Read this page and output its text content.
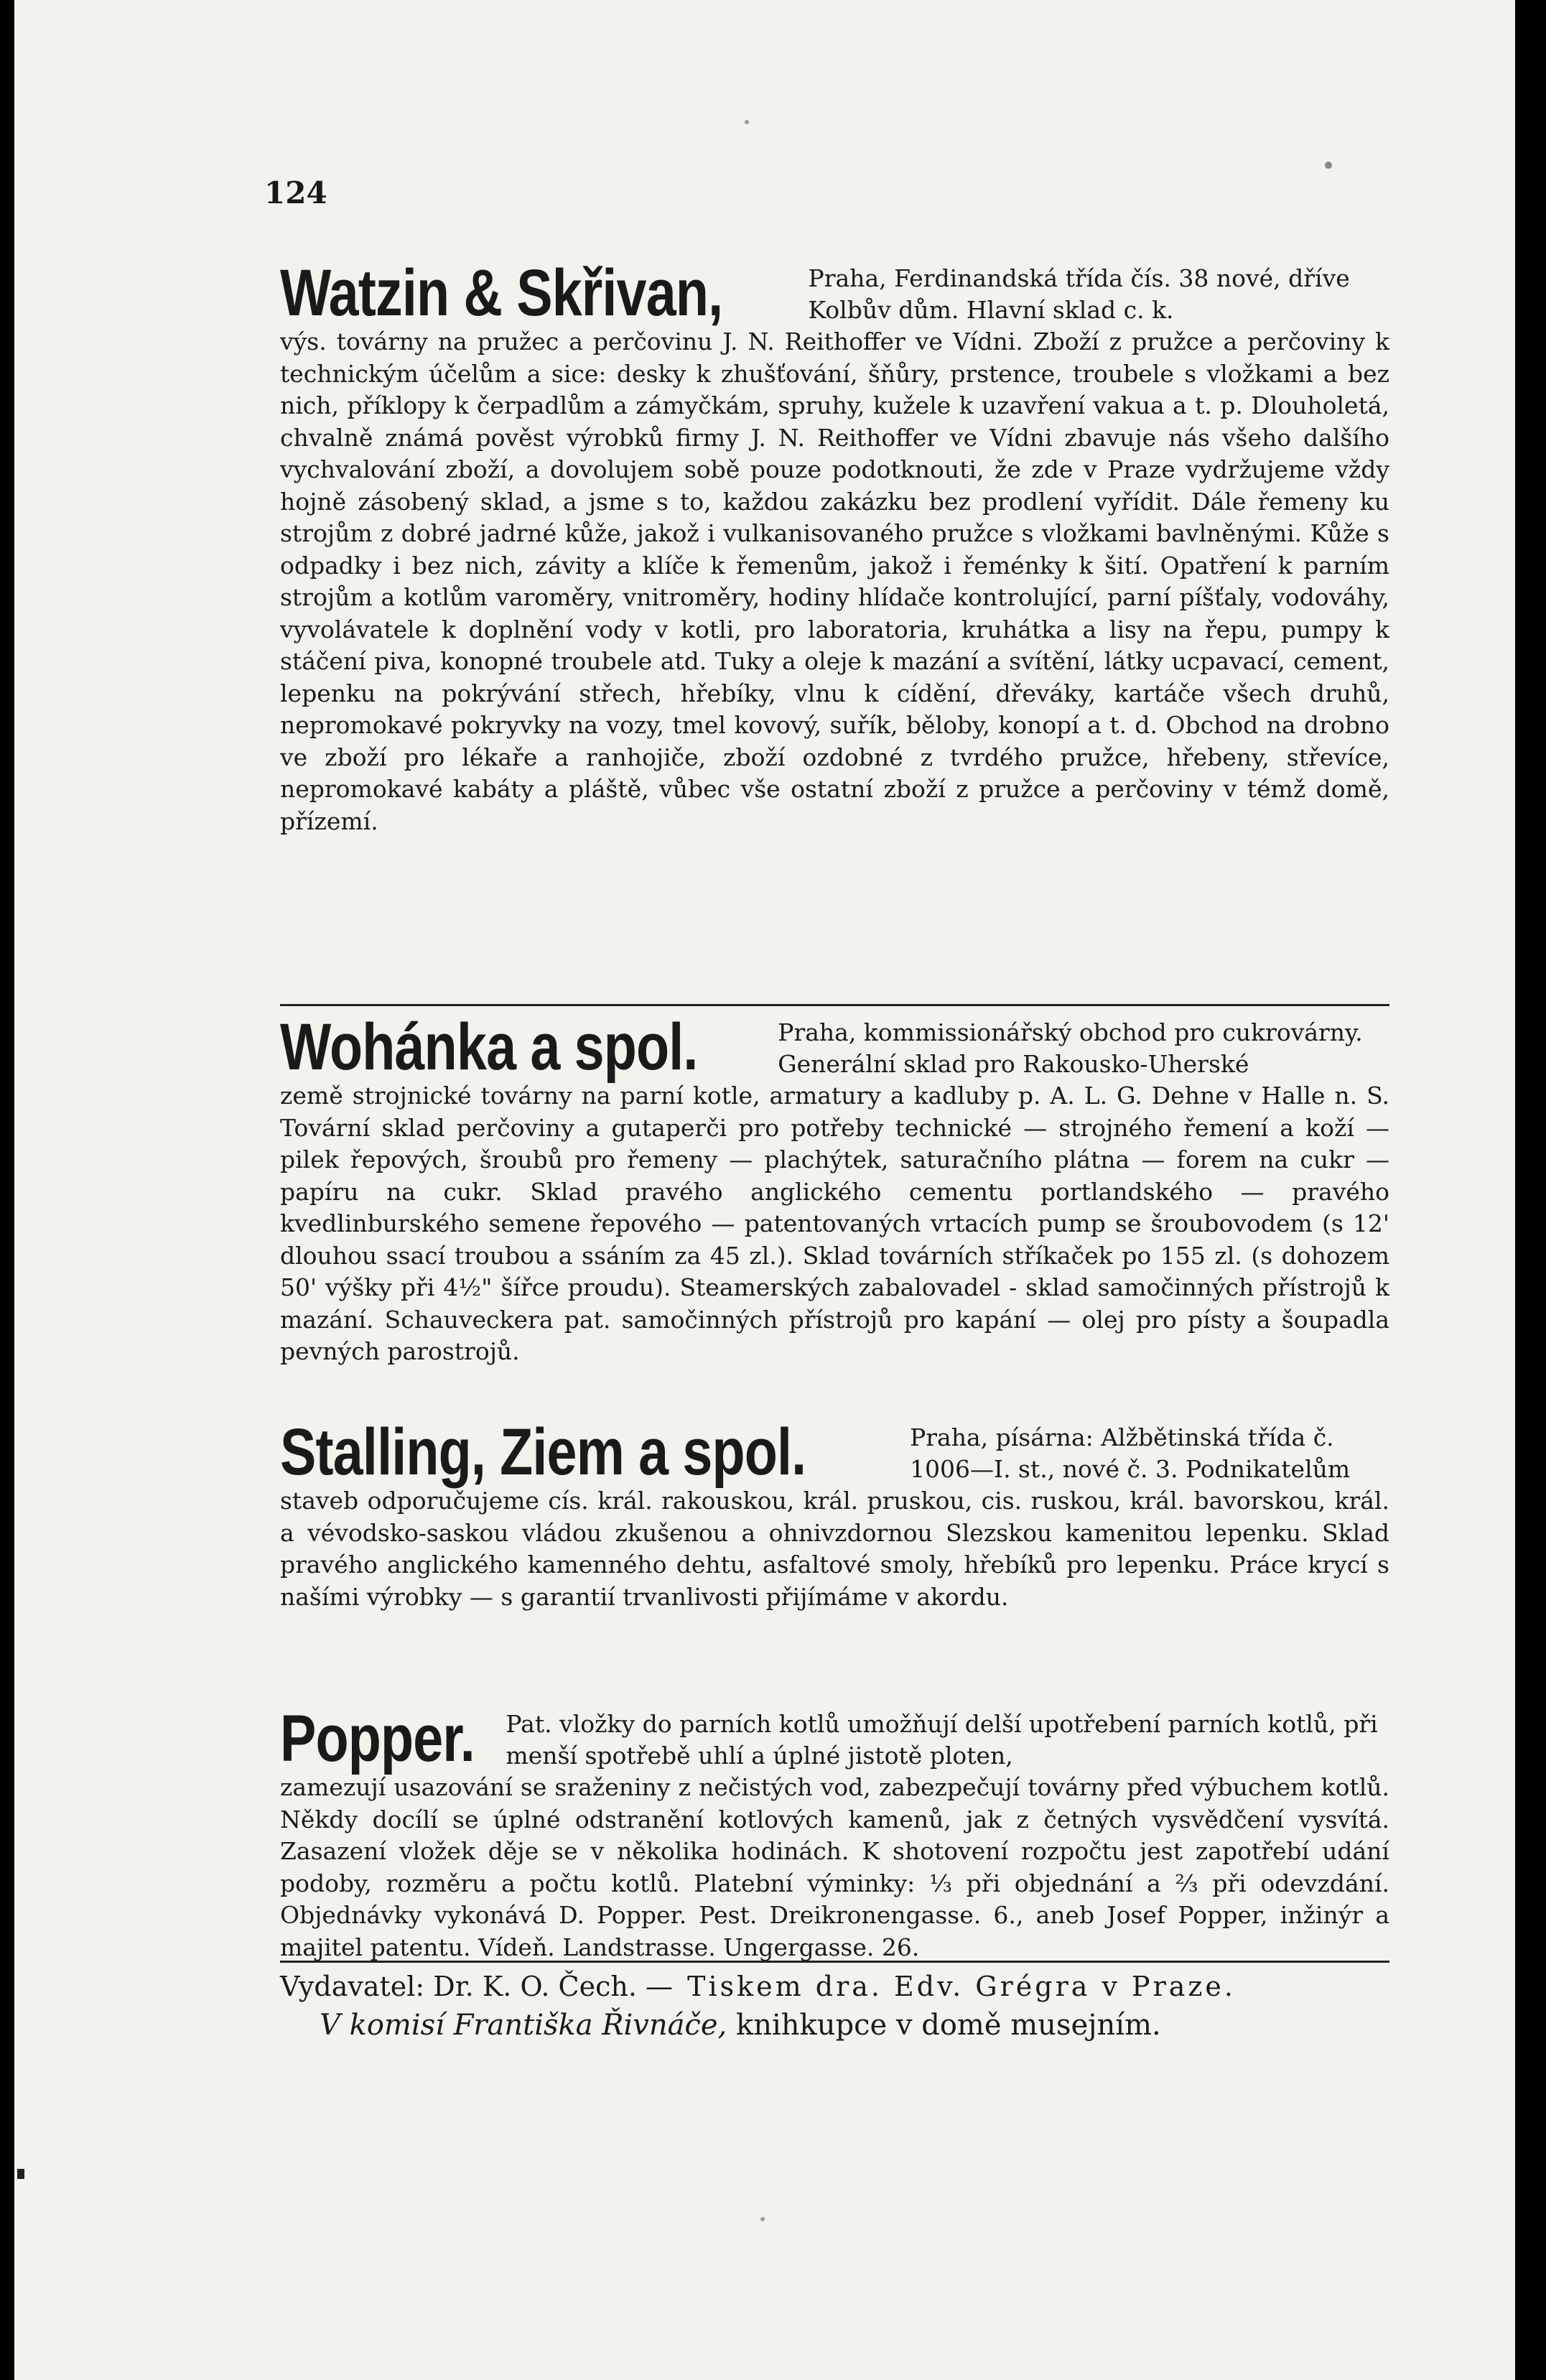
124
Watzin & Skřivan,	Praha, Ferdinandská třída čís. 38 nové, dříve Kolbův dům. Hlavní sklad c. k.
výs. továrny na pružec a perčovinu J. N. Reithoffer ve Vídni. Zboží z pružce a perčoviny k technickým účelům a sice: desky k zhušťování, šňůry, prstence, troubele s vložkami a bez nich, příklopy k čerpadlům a zámyčkám, spruhy, kužele k uzavření vakua a t. p. Dlouholetá, chvalně známá pověst výrobků firmy J. N. Reithoffer ve Vídni zbavuje nás všeho dalšího vychvalování zboží, a dovolujem sobě pouze podotknouti, že zde v Praze vydržujeme vždy hojně zásobený sklad, a jsme s to, každou zakázku bez prodlení vyřídit. Dále řemeny ku strojům z dobré jadrné kůže, jakož i vulkanisovaného pružce s vložkami bavlněnými. Kůže s odpadky i bez nich, závity a klíče k řemenům, jakož i řeménky k šití. Opatření k parním strojům a kotlům varoměry, vnitroměry, hodiny hlídače kontrolující, parní píšťaly, vodováhy, vyvolávatele k doplnění vody v kotli, pro laboratoria, kruhátka a lisy na řepu, pumpy k stáčení piva, konopné troubele atd. Tuky a oleje k mazání a svítění, látky ucpavací, cement, lepenku na pokrývání střech, hřebíky, vlnu k cídění, dřeváky, kartáče všech druhů, nepromokavé pokryvky na vozy, tmel kovový, suřík, běloby, konopí a t. d. Obchod na drobno ve zboží pro lékaře a ranhojiče, zboží ozdobné z tvrdého pružce, hřebeny, střevíce, nepromokavé kabáty a pláště, vůbec vše ostatní zboží z pružce a perčoviny v témž domě, přízemí.
Wohánka a spol.	Praha, kommissionářský obchod pro cukrovárny. Generální sklad pro Rakousko-Uherské
země strojnické továrny na parní kotle, armatury a kadluby p. A. L. G. Dehne v Halle n. S. Tovární sklad perčoviny a gutaperči pro potřeby technické — strojného řemení a koží — pilek řepových, šroubů pro řemeny — plachýtek, saturačního plátna — forem na cukr — papíru na cukr. Sklad pravého anglického cementu portlandského — pravého kvedlinburského semene řepového — patentovaných vrtacích pump se šroubovodem (s 12' dlouhou ssací troubou a ssáním za 45 zl.). Sklad továrních stříkaček po 155 zl. (s dohozem 50' výšky při 4½" šířce proudu). Steamerských zabalovadel - sklad samočinných přístrojů k mazání. Schauveckera pat. samočinných přístrojů pro kapání — olej pro písty a šoupadla pevných parostrojů.
Stalling, Ziem a spol.	Praha, písárna: Alžbětinská třída č. 1006—I. st., nové č. 3. Podnikatelům
staveb odporučujeme cís. král. rakouskou, král. pruskou, cis. ruskou, král. bavorskou, král. a vévodsko-saskou vládou zkušenou a ohnivzdornou Slezskou kamenitou lepenku. Sklad pravého anglického kamenného dehtu, asfaltové smoly, hřebíků pro lepenku. Práce krycí s našími výrobky — s garantií trvanlivosti přijímáme v akordu.
Popper. Pat. vložky do parních kotlů umožňují delší upotřebení parních kotlů, při menší spotřebě uhlí a úplné jistotě ploten,
zamezují usazování se sraženiny z nečistých vod, zabezpečují továrny před výbuchem kotlů. Někdy docílí se úplné odstranění kotlových kamenů, jak z četných vysvědčení vysvítá. Zasazení vložek děje se v několika hodinách. K shotovení rozpočtu jest zapotřebí udání podoby, rozměru a počtu kotlů. Platební výminky: ⅓ při objednání a ⅔ při odevzdání. Objednávky vykonává D. Popper. Pest. Dreikronengasse. 6., aneb Josef Popper, inžinýr a majitel patentu. Vídeň. Landstrasse. Ungergasse. 26.
Vydavatel: Dr. K. O. Čech. — Tiskem dra. Edv. Grégra v Praze.
V komisí Františka Řivnáče, knihkupce v domě musejním.
